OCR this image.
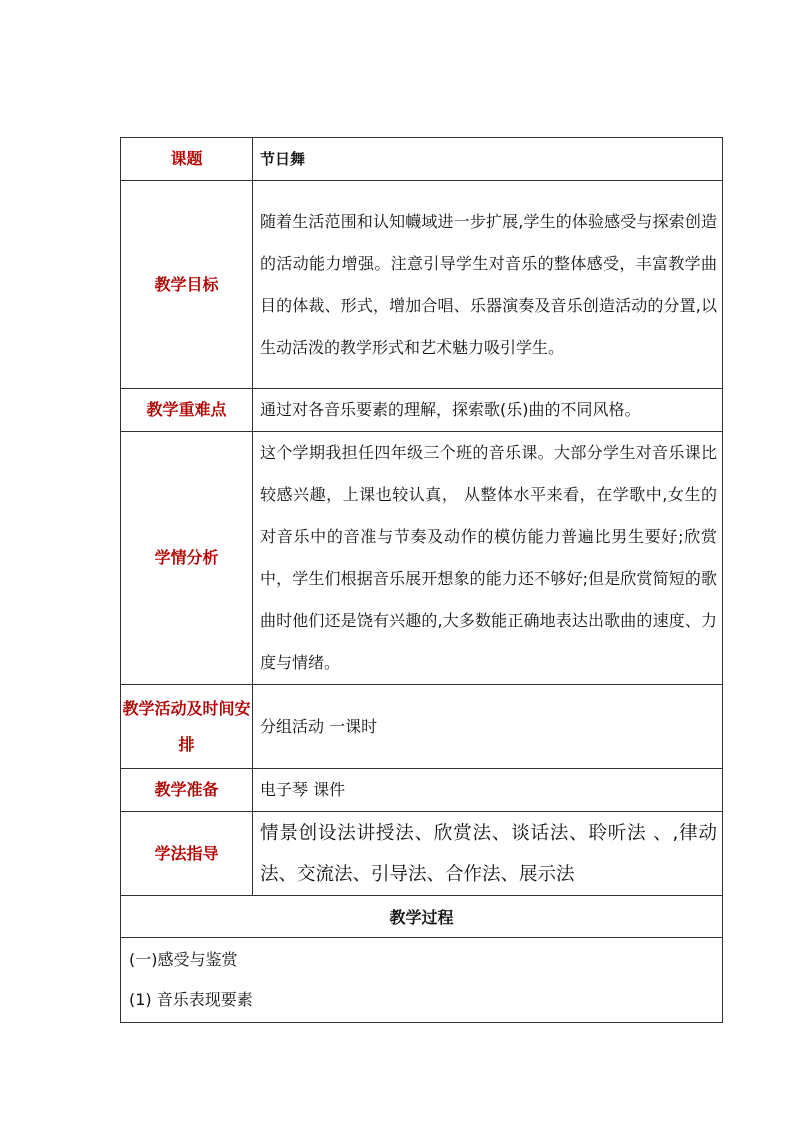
课题	节日舞
教学目标	随着生活范围和认知幭域进一步扩展,学生的体验感受与探索创造的活动能力增强。注意引导学生对音乐的整体感受，丰富教学曲目的体裁、形式，增加合唱、乐器演奏及音乐创造活动的分置,以生动活泼的教学形式和艺术魅力吸引学生。
教学重难点	通过对各音乐要素的理解，探索歌(乐)曲的不同风格。
学情分析	这个学期我担任四年级三个班的音乐课。大部分学生对音乐课比较感兴趣，上课也较认真， 从整体水平来看，在学歌中,女生的对音乐中的音准与节奏及动作的模仿能力普遍比男生要好;欣赏中，学生们根据音乐展开想象的能力还不够好;但是欣赏简短的歌曲时他们还是饶有兴趣的,大多数能正确地表达出歌曲的速度、力度与情绪。
教学活动及时间安排	分组活动 一课时
教学准备	电子琴 课件
学法指导	情景创设法讲授法、欣赏法、谈话法、聆听法 、,律动法、交流法、引导法、合作法、展示法
教学过程	

(一)感受与鉴赏
(1) 音乐表现要素	
